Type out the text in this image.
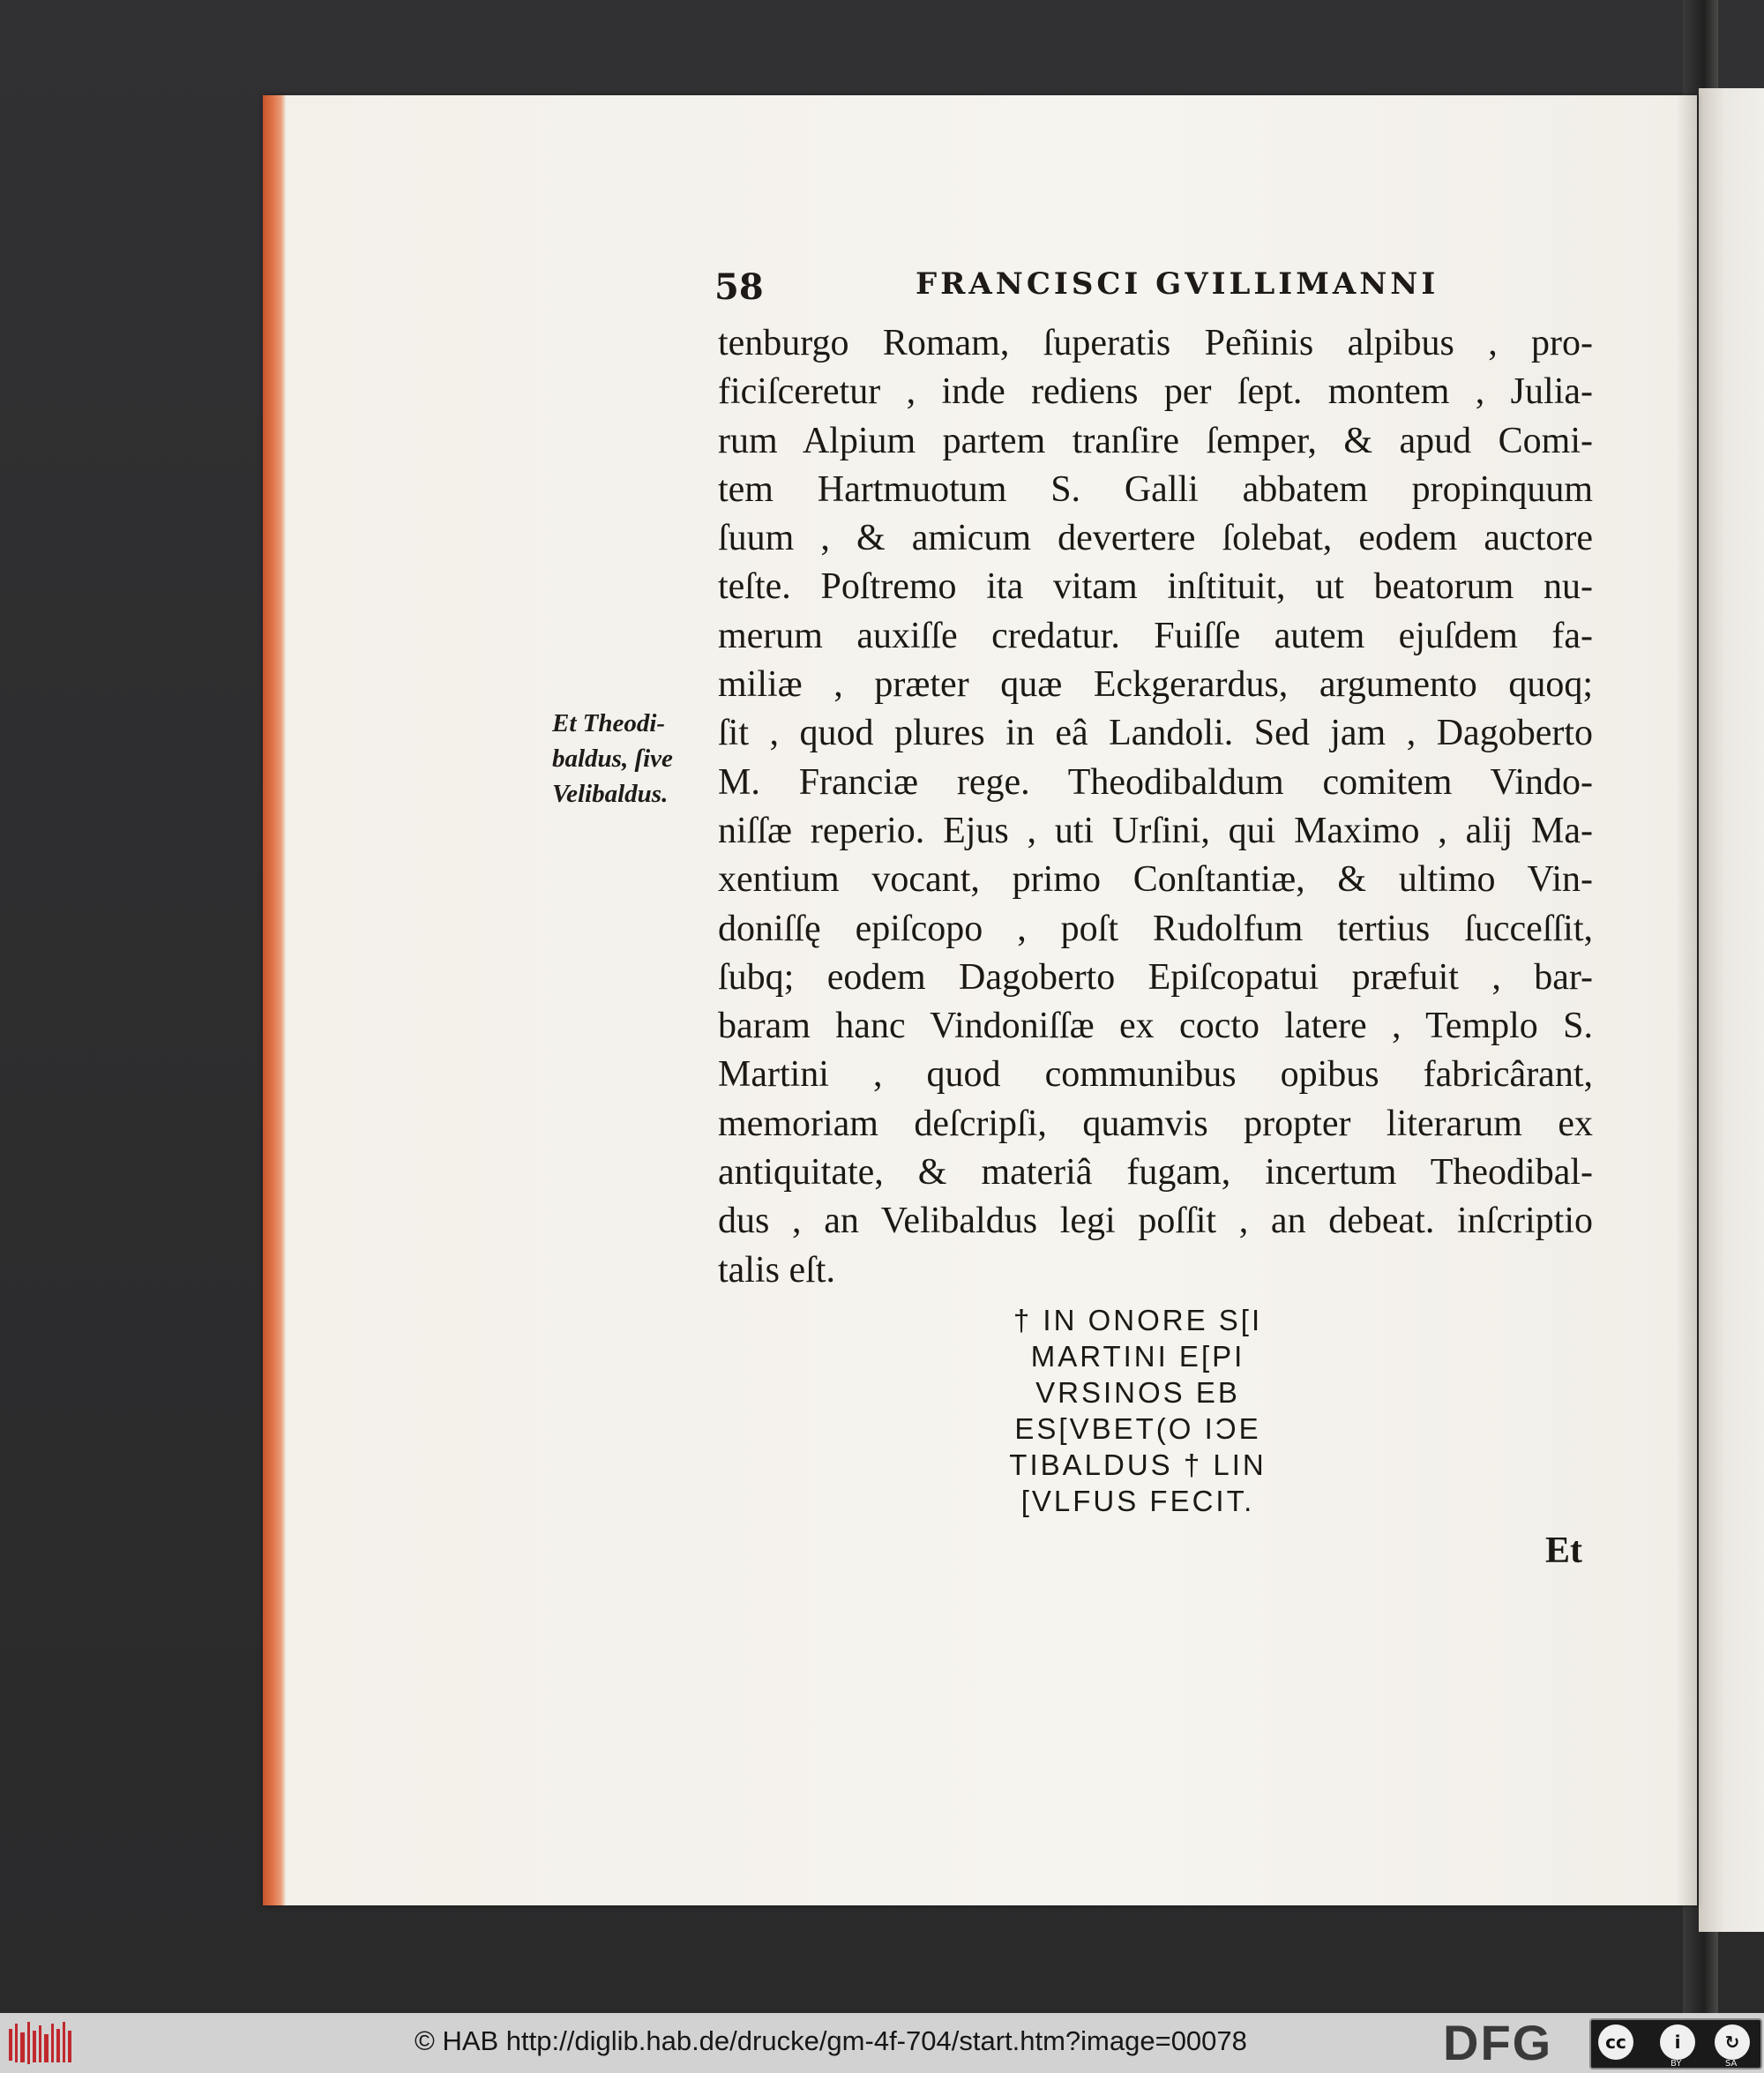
58	FRANCISCI GVILLIMANNI
tenburgo Romam, ſuperatis Peñinis alpibus , pro-
ficiſceretur , inde rediens per ſept. montem , Julia-
rum Alpium partem tranſire ſemper, & apud Comi-
tem Hartmuotum S. Galli abbatem propinquum
ſuum , & amicum devertere ſolebat, eodem auctore
teſte. Poſtremo ita vitam inſtituit, ut beatorum nu-
merum auxiſſe credatur. Fuiſſe autem ejuſdem fa-
miliæ , præter quæ Eckgerardus, argumento quoq;
ſit , quod plures in eâ Landoli. Sed jam , Dagoberto
M. Franciæ rege. Theodibaldum comitem Vindo-
niſſæ reperio. Ejus , uti Urſini, qui Maximo , alij Ma-
xentium vocant, primo Conſtantiæ, & ultimo Vin-
doniſſę epiſcopo , poſt Rudolfum tertius ſucceſſit,
ſubq; eodem Dagoberto Epiſcopatui præfuit , bar-
baram hanc Vindoniſſæ ex cocto latere , Templo S.
Martini , quod communibus opibus fabricârant,
memoriam deſcripſi, quamvis propter literarum ex
antiquitate, & materiâ fugam, incertum Theodibal-
dus , an Velibaldus legi poſſit , an debeat. inſcriptio
talis eſt.
Et Theodi-
baldus, ſive
Velibaldus.
† IN ONORE S[I
MARTINI E[PI
VRSINOS EB
ES[VBET(O IƆE
TIBALDUS † LIN
[VLFUS FECIT.
Et
© HAB http://diglib.hab.de/drucke/gm-4f-704/start.htm?image=00078	DFG	cc	i	↻
BY	SA
